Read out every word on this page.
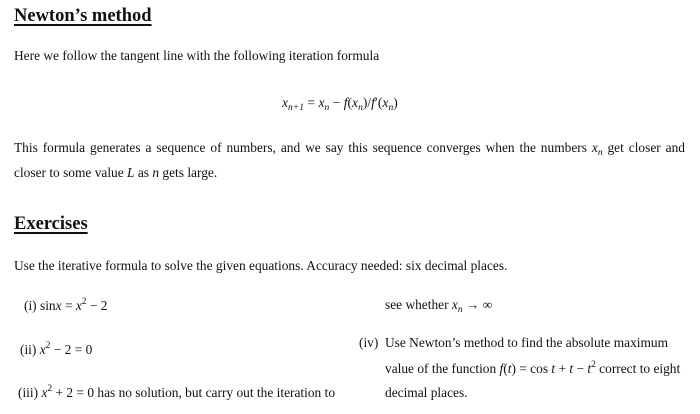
Newton’s method
Here we follow the tangent line with the following iteration formula
$x_{n+1} = x_n - f(x_n)/f'(x_n)$
This formula generates a sequence of numbers, and we say this sequence converges when the numbers $x_n$ get closer and
closer to some value L as n gets large.
Exercises
Use the iterative formula to solve the given equations. Accuracy needed: six decimal places.
(i) $\sin x = x^2 - 2$
(ii) $x^2 - 2 = 0$
(iii) $x^2 + 2 = 0$ has no solution, but carry out the iteration to
see whether $x_n$ → ∞
(iv) Use Newton’s method to find the absolute maximum
value of the function $f(t) = \cos t + t - t^2$ correct to eight
decimal places.
